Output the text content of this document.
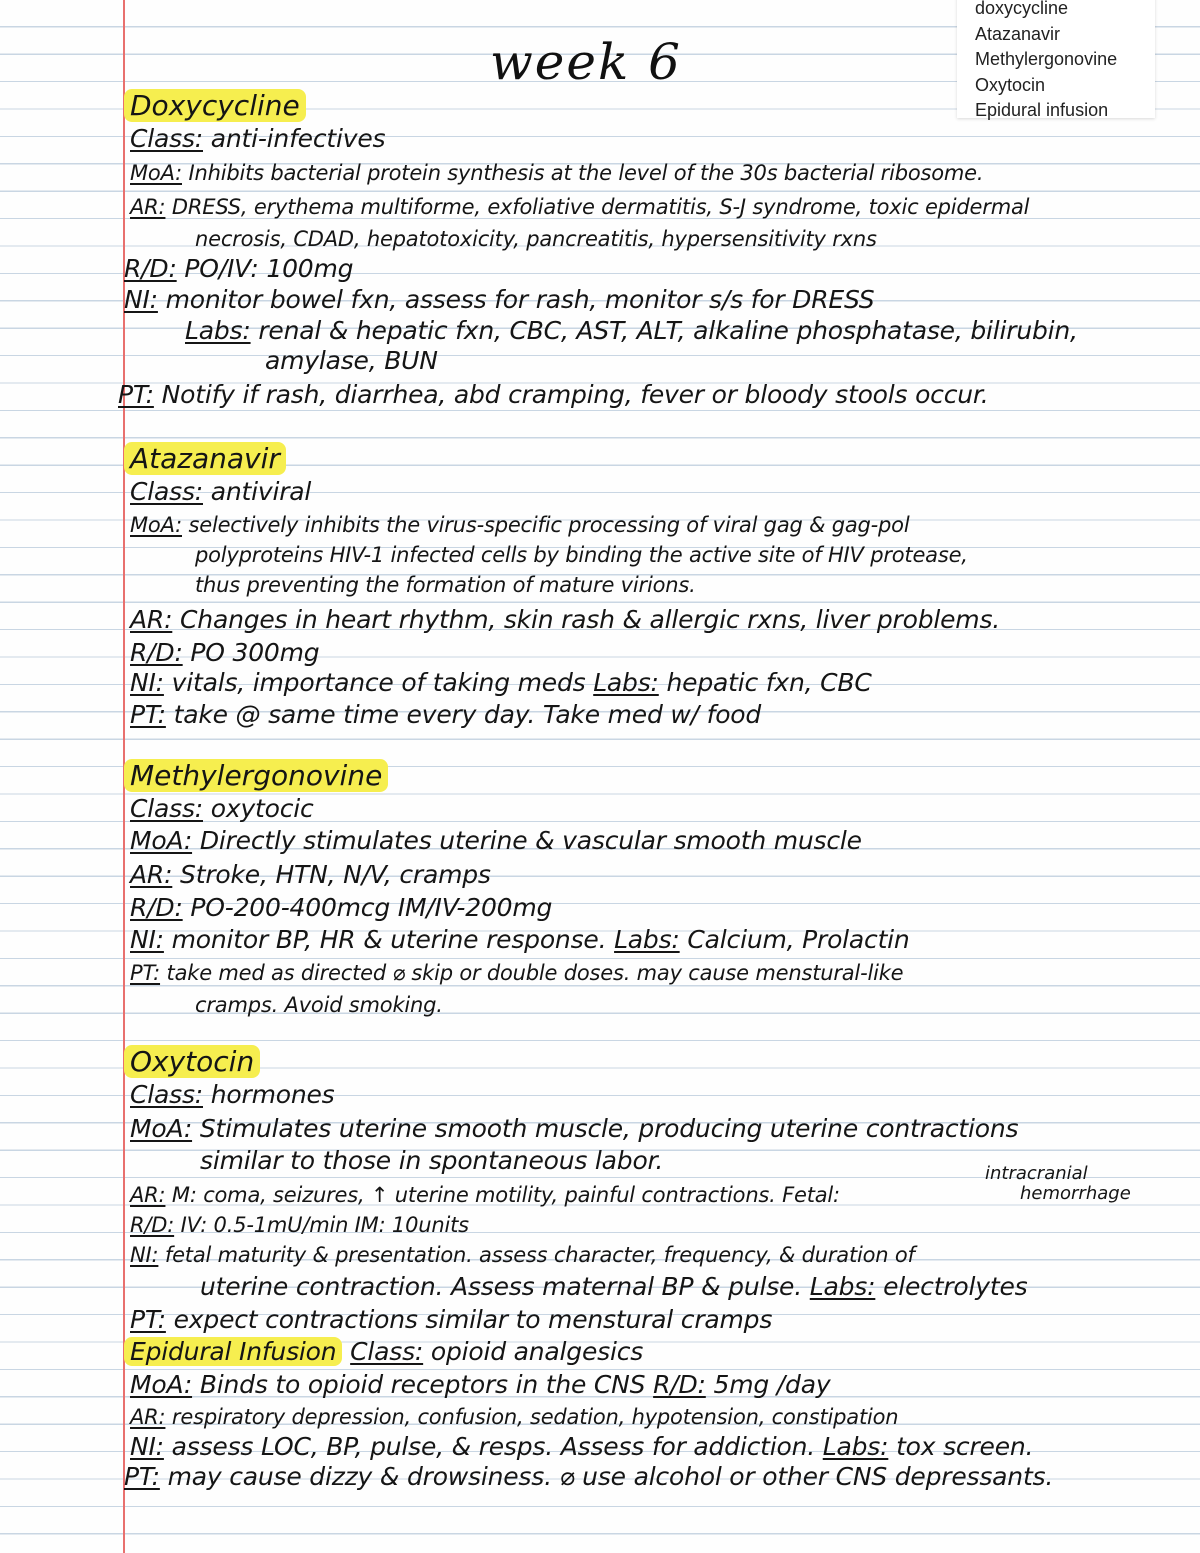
doxycycline
Atazanavir
Methylergonovine
Oxytocin
Epidural infusion
week 6
Doxycycline
Class: anti-infectives
MoA: Inhibits bacterial protein synthesis at the level of the 30s bacterial ribosome.
AR: DRESS, erythema multiforme, exfoliative dermatitis, S-J syndrome, toxic epidermal
necrosis, CDAD, hepatotoxicity, pancreatitis, hypersensitivity rxns
R/D: PO/IV: 100mg
NI: monitor bowel fxn, assess for rash, monitor s/s for DRESS
Labs: renal & hepatic fxn, CBC, AST, ALT, alkaline phosphatase, bilirubin,
amylase, BUN
PT: Notify if rash, diarrhea, abd cramping, fever or bloody stools occur.
Atazanavir
Class: antiviral
MoA: selectively inhibits the virus-specific processing of viral gag & gag-pol
polyproteins HIV-1 infected cells by binding the active site of HIV protease,
thus preventing the formation of mature virions.
AR: Changes in heart rhythm, skin rash & allergic rxns, liver problems.
R/D: PO 300mg
NI: vitals, importance of taking meds Labs: hepatic fxn, CBC
PT: take @ same time every day. Take med w/ food
Methylergonovine
Class: oxytocic
MoA: Directly stimulates uterine & vascular smooth muscle
AR: Stroke, HTN, N/V, cramps
R/D: PO-200-400mcg IM/IV-200mg
NI: monitor BP, HR & uterine response. Labs: Calcium, Prolactin
PT: take med as directed ⌀ skip or double doses. may cause menstural-like
cramps. Avoid smoking.
Oxytocin
Class: hormones
MoA: Stimulates uterine smooth muscle, producing uterine contractions
similar to those in spontaneous labor.
AR: M: coma, seizures, ↑ uterine motility, painful contractions. Fetal:
intracranial
hemorrhage
R/D: IV: 0.5-1mU/min IM: 10units
NI: fetal maturity & presentation. assess character, frequency, & duration of
uterine contraction. Assess maternal BP & pulse. Labs: electrolytes
PT: expect contractions similar to menstural cramps
Epidural Infusion Class: opioid analgesics
MoA: Binds to opioid receptors in the CNS R/D: 5mg /day
AR: respiratory depression, confusion, sedation, hypotension, constipation
NI: assess LOC, BP, pulse, & resps. Assess for addiction. Labs: tox screen.
PT: may cause dizzy & drowsiness. ⌀ use alcohol or other CNS depressants.
